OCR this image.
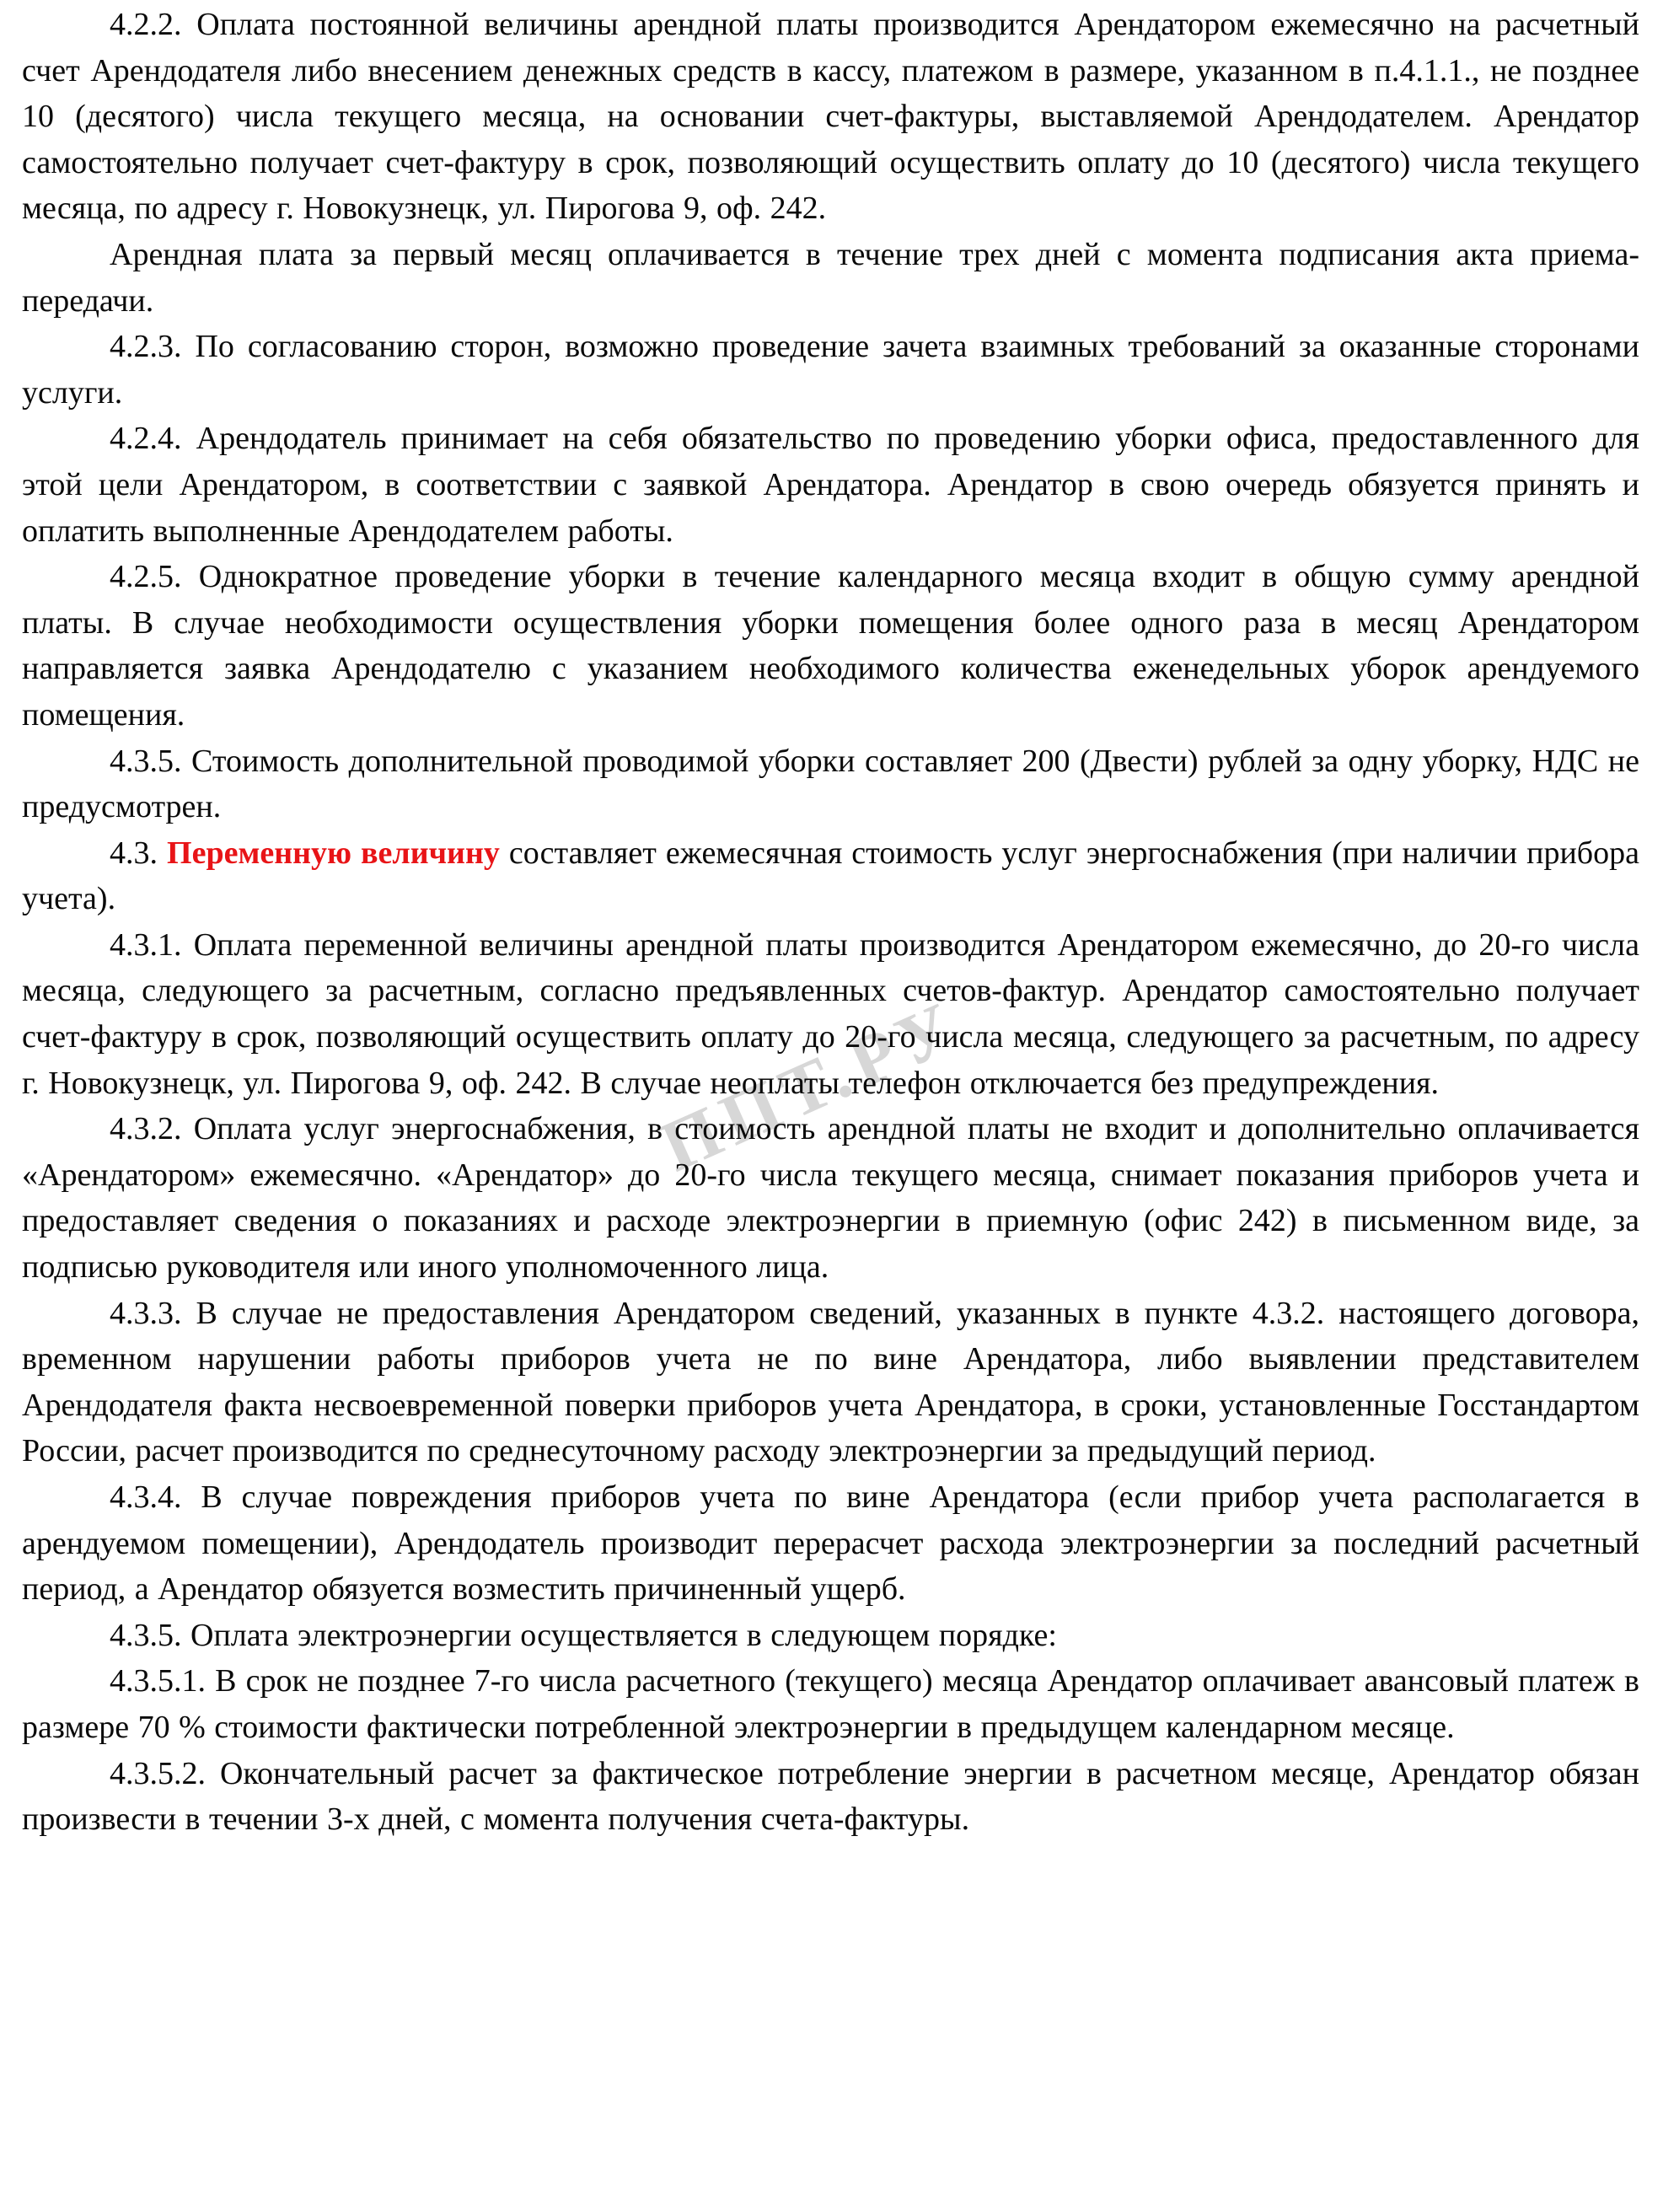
ППТ.РУ

4.2.2. Оплата постоянной величины арендной платы производится Арендатором ежемесячно на расчетный счет Арендодателя либо внесением денежных средств в кассу, платежом в размере, указанном в п.4.1.1., не позднее 10 (десятого) числа текущего месяца, на основании счет-фактуры, выставляемой Арендодателем. Арендатор самостоятельно получает счет-фактуру в срок, позволяющий осуществить оплату до 10 (десятого) числа текущего месяца, по адресу г. Новокузнецк, ул. Пирогова 9, оф. 242.

Арендная плата за первый месяц оплачивается в течение трех дней с момента подписания акта приема-передачи.

4.2.3. По согласованию сторон, возможно проведение зачета взаимных требований за оказанные сторонами услуги.

4.2.4. Арендодатель принимает на себя обязательство по проведению уборки офиса, предоставленного для этой цели Арендатором, в соответствии с заявкой Арендатора. Арендатор в свою очередь обязуется принять и оплатить выполненные Арендодателем работы.

4.2.5. Однократное проведение уборки в течение календарного месяца входит в общую сумму арендной платы. В случае необходимости осуществления уборки помещения более одного раза в месяц Арендатором направляется заявка Арендодателю с указанием необходимого количества еженедельных уборок арендуемого помещения.

4.3.5. Стоимость дополнительной проводимой уборки составляет 200 (Двести) рублей за одну уборку, НДС не предусмотрен.

4.3. Переменную величину составляет ежемесячная стоимость услуг энергоснабжения (при наличии прибора учета).

4.3.1. Оплата переменной величины арендной платы производится Арендатором ежемесячно, до 20-го числа месяца, следующего за расчетным, согласно предъявленных счетов-фактур. Арендатор самостоятельно получает счет-фактуру в срок, позволяющий осуществить оплату до 20-го числа месяца, следующего за расчетным, по адресу г. Новокузнецк, ул. Пирогова 9, оф. 242. В случае неоплаты телефон отключается без предупреждения.

4.3.2. Оплата услуг энергоснабжения, в стоимость арендной платы не входит и дополнительно оплачивается «Арендатором» ежемесячно. «Арендатор» до 20-го числа текущего месяца, снимает показания приборов учета и предоставляет сведения о показаниях и расходе электроэнергии в приемную (офис 242) в письменном виде, за подписью руководителя или иного уполномоченного лица.

4.3.3. В случае не предоставления Арендатором сведений, указанных в пункте 4.3.2. настоящего договора, временном нарушении работы приборов учета не по вине Арендатора, либо выявлении представителем Арендодателя факта несвоевременной поверки приборов учета Арендатора, в сроки, установленные Госстандартом России, расчет производится по среднесуточному расходу электроэнергии за предыдущий период.

4.3.4. В случае повреждения приборов учета по вине Арендатора (если прибор учета располагается в арендуемом помещении), Арендодатель производит перерасчет расхода электроэнергии за последний расчетный период, а Арендатор обязуется возместить причиненный ущерб.

4.3.5. Оплата электроэнергии осуществляется в следующем порядке:

4.3.5.1. В срок не позднее 7-го числа расчетного (текущего) месяца Арендатор оплачивает авансовый платеж в размере 70 % стоимости фактически потребленной электроэнергии в предыдущем календарном месяце.

4.3.5.2. Окончательный расчет за фактическое потребление энергии в расчетном месяце, Арендатор обязан произвести в течении 3-х дней, с момента получения счета-фактуры.
